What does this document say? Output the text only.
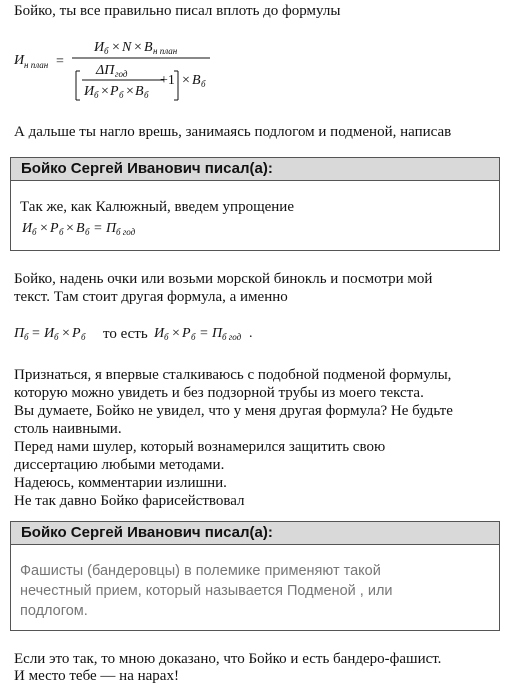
Бойко, ты все правильно писал вплоть до формулы
И н план =
И б × N × В н план
ΔП год
И б × Р б × В б
+1 × В б
А дальше ты нагло врешь, занимаясь подлогом и подменой, написав
Бойко Сергей Иванович писал(а):
Так же, как Калюжный, введем упрощение
И б × Р б × В б = П б год
Бойко, надень очки или возьми морской бинокль и посмотри мой
текст. Там стоит другая формула, а именно
П б = И б × Р б то есть И б × Р б = П б год .
Признаться, я впервые сталкиваюсь с подобной подменой формулы,
которую можно увидеть и без подзорной трубы из моего текста.
Вы думаете, Бойко не увидел, что у меня другая формула? Не будьте
столь наивными.
Перед нами шулер, который вознамерился защитить свою
диссертацию любыми методами.
Надеюсь, комментарии излишни.
Не так давно Бойко фарисействовал
Бойко Сергей Иванович писал(а):
Фашисты (бандеровцы) в полемике применяют такой
нечестный прием, который называется Подменой , или
подлогом.
Если это так, то мною доказано, что Бойко и есть бандеро-фашист.
И место тебе — на нарах!
